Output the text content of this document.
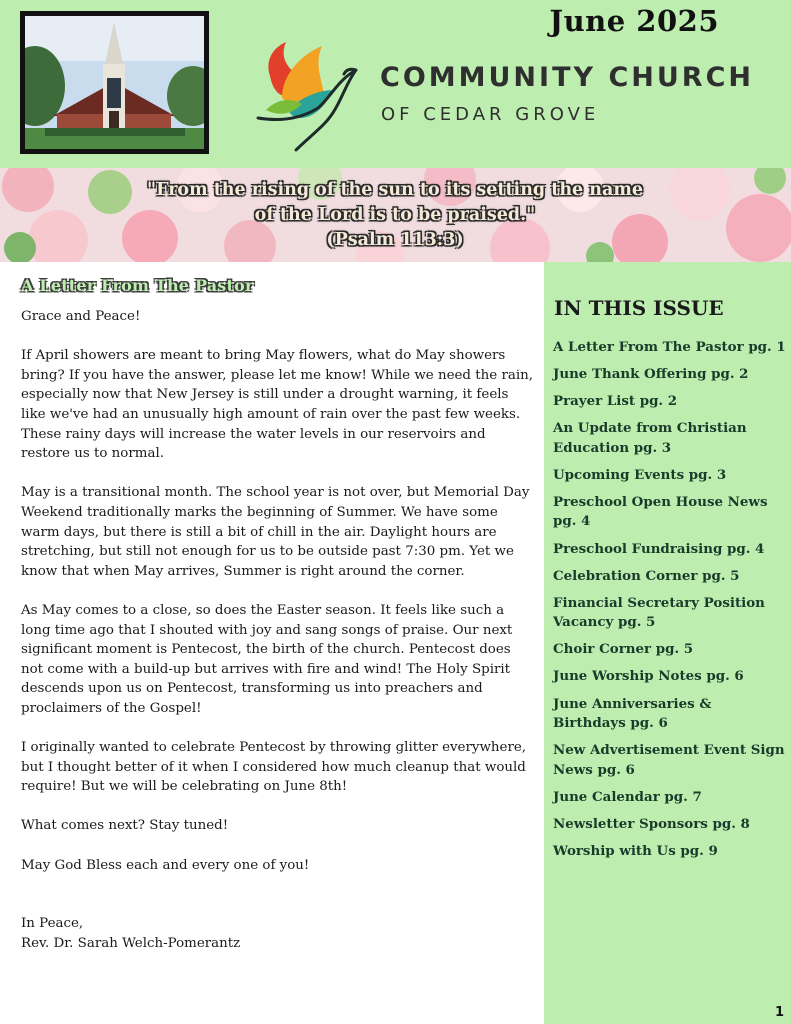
June 2025
COMMUNITY CHURCH
OF CEDAR GROVE
"From the rising of the sun to its setting the name
of the Lord is to be praised."
(Psalm 113:3)
A Letter From The Pastor

Grace and Peace!

If April showers are meant to bring May flowers, what do May showers bring? If you have the answer, please let me know! While we need the rain, especially now that New Jersey is still under a drought warning, it feels like we've had an unusually high amount of rain over the past few weeks. These rainy days will increase the water levels in our reservoirs and restore us to normal.

May is a transitional month. The school year is not over, but Memorial Day Weekend traditionally marks the beginning of Summer. We have some warm days, but there is still a bit of chill in the air. Daylight hours are stretching, but still not enough for us to be outside past 7:30 pm. Yet we know that when May arrives, Summer is right around the corner.

As May comes to a close, so does the Easter season. It feels like such a long time ago that I shouted with joy and sang songs of praise. Our next significant moment is Pentecost, the birth of the church. Pentecost does not come with a build-up but arrives with fire and wind! The Holy Spirit descends upon us on Pentecost, transforming us into preachers and proclaimers of the Gospel!

I originally wanted to celebrate Pentecost by throwing glitter everywhere, but I thought better of it when I considered how much cleanup that would require! But we will be celebrating on June 8th!

What comes next? Stay tuned!

May God Bless each and every one of you!

In Peace,
Rev. Dr. Sarah Welch-Pomerantz
IN THIS ISSUE
A Letter From The Pastor pg. 1
June Thank Offering pg. 2
Prayer List pg. 2
An Update from Christian Education pg. 3
Upcoming Events pg. 3
Preschool Open House News pg. 4
Preschool Fundraising pg. 4
Celebration Corner pg. 5
Financial Secretary Position Vacancy pg. 5
Choir Corner pg. 5
June Worship Notes pg. 6
June Anniversaries & Birthdays pg. 6
New Advertisement Event Sign News pg. 6
June Calendar pg. 7
Newsletter Sponsors pg. 8
Worship with Us pg. 9
1
